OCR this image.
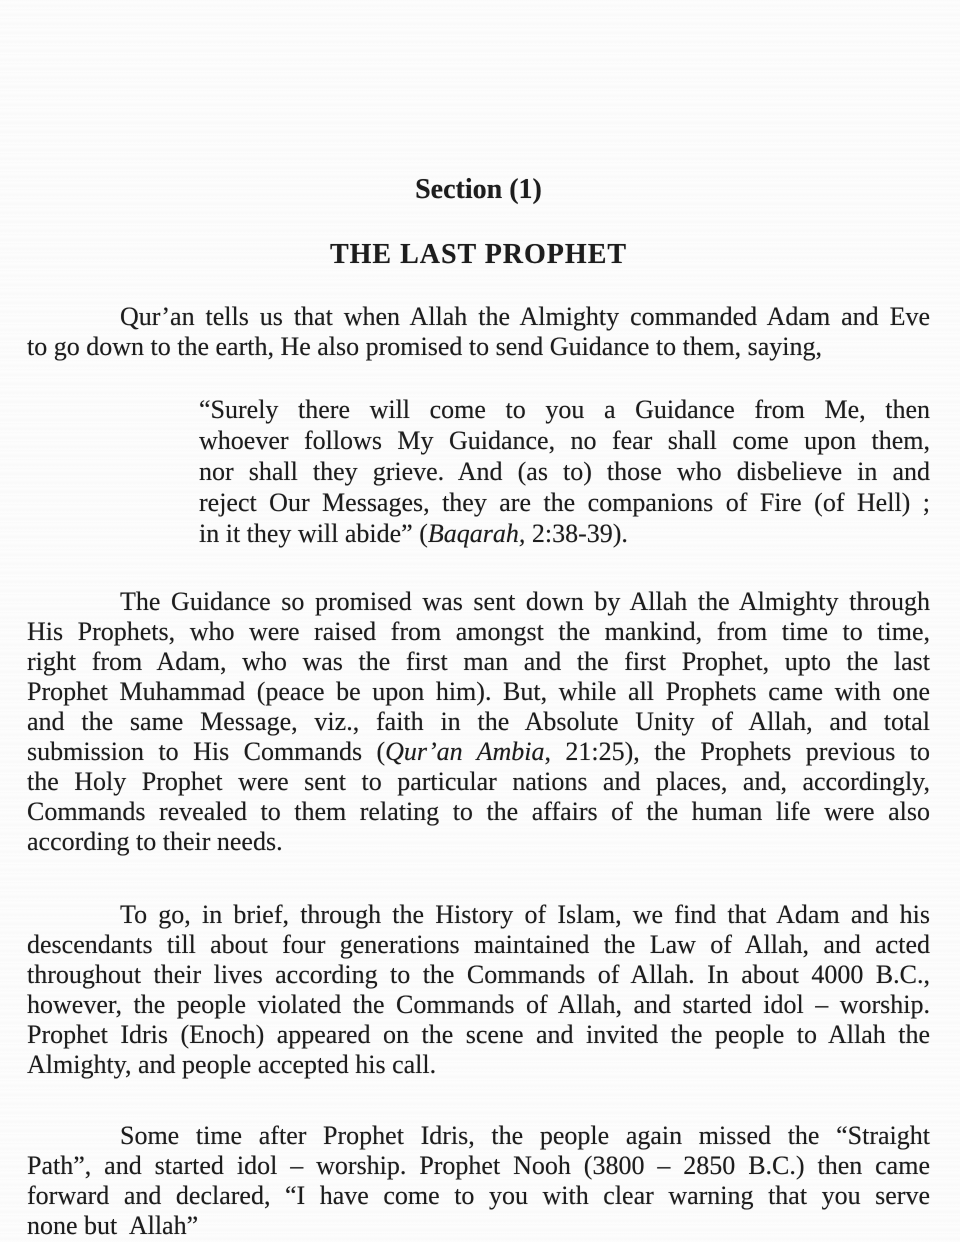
Section (1)
THE LAST PROPHET
Qur’an tells us that when Allah the Almighty commanded Adam and Eve
to go down to the earth, He also promised to send Guidance to them, saying,
“Surely there will come to you a Guidance from Me, then
whoever follows My Guidance, no fear shall come upon them,
nor shall they grieve. And (as to) those who disbelieve in and
reject Our Messages, they are the companions of Fire (of Hell) ;
in it they will abide” (Baqarah, 2:38-39).
The Guidance so promised was sent down by Allah the Almighty through
His Prophets, who were raised from amongst the mankind, from time to time,
right from Adam, who was the first man and the first Prophet, upto the last
Prophet Muhammad (peace be upon him). But, while all Prophets came with one
and the same Message, viz., faith in the Absolute Unity of Allah, and total
submission to His Commands (Qur’an Ambia, 21:25), the Prophets previous to
the Holy Prophet were sent to particular nations and places, and, accordingly,
Commands revealed to them relating to the affairs of the human life were also
according to their needs.
To go, in brief, through the History of Islam, we find that Adam and his
descendants till about four generations maintained the Law of Allah, and acted
throughout their lives according to the Commands of Allah. In about 4000 B.C.,
however, the people violated the Commands of Allah, and started idol – worship.
Prophet Idris (Enoch) appeared on the scene and invited the people to Allah the
Almighty, and people accepted his call.
Some time after Prophet Idris, the people again missed the “Straight
Path”, and started idol – worship. Prophet Nooh (3800 – 2850 B.C.) then came
forward and declared, “I have come to you with clear warning that you serve
none but  Allah”
